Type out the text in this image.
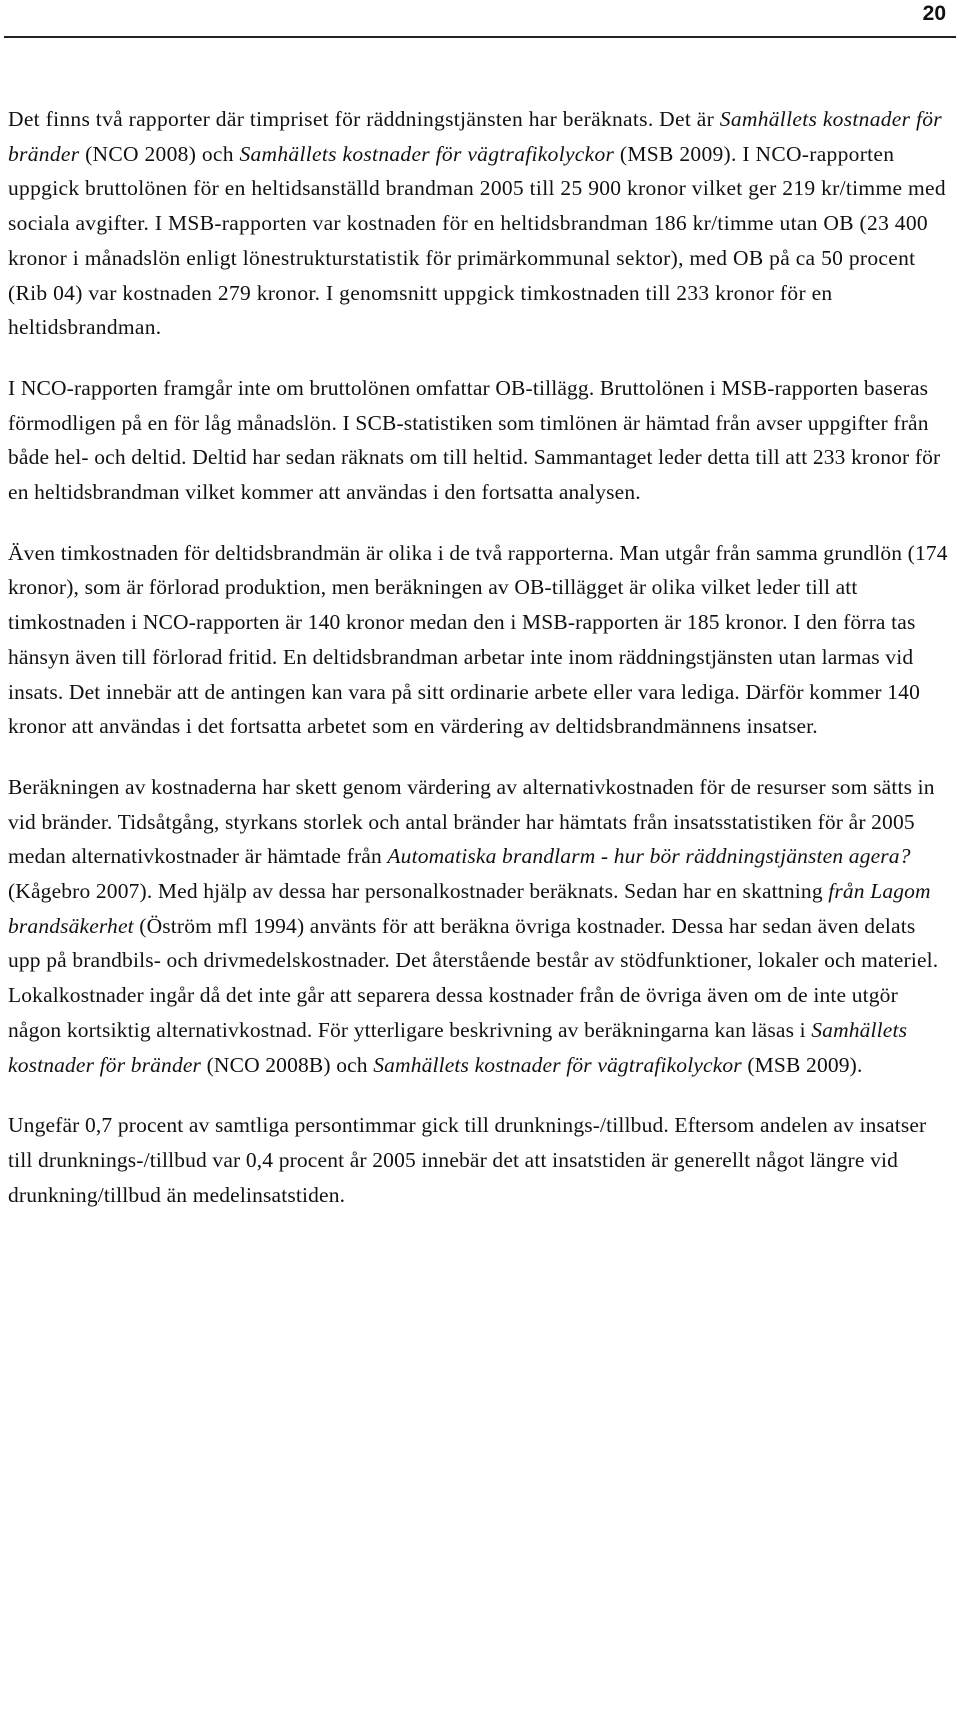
20

Det finns två rapporter där timpriset för räddningstjänsten har beräknats. Det är Samhällets kostnader för bränder (NCO 2008) och Samhällets kostnader för vägtrafikolyckor (MSB 2009). I NCO-rapporten uppgick bruttolönen för en heltidsanställd brandman 2005 till 25 900 kronor vilket ger 219 kr/timme med sociala avgifter. I MSB-rapporten var kostnaden för en heltidsbrandman 186 kr/timme utan OB (23 400 kronor i månadslön enligt lönestrukturstatistik för primärkommunal sektor), med OB på ca 50 procent (Rib 04) var kostnaden 279 kronor. I genomsnitt uppgick timkostnaden till 233 kronor för en heltidsbrandman.

I NCO-rapporten framgår inte om bruttolönen omfattar OB-tillägg. Bruttolönen i MSB-rapporten baseras förmodligen på en för låg månadslön. I SCB-statistiken som timlönen är hämtad från avser uppgifter från både hel- och deltid. Deltid har sedan räknats om till heltid. Sammantaget leder detta till att 233 kronor för en heltidsbrandman vilket kommer att användas i den fortsatta analysen.

Även timkostnaden för deltidsbrandmän är olika i de två rapporterna. Man utgår från samma grundlön (174 kronor), som är förlorad produktion, men beräkningen av OB-tillägget är olika vilket leder till att timkostnaden i NCO-rapporten är 140 kronor medan den i MSB-rapporten är 185 kronor. I den förra tas hänsyn även till förlorad fritid. En deltidsbrandman arbetar inte inom räddningstjänsten utan larmas vid insats. Det innebär att de antingen kan vara på sitt ordinarie arbete eller vara lediga. Därför kommer 140 kronor att användas i det fortsatta arbetet som en värdering av deltidsbrandmännens insatser.

Beräkningen av kostnaderna har skett genom värdering av alternativkostnaden för de resurser som sätts in vid bränder. Tidsåtgång, styrkans storlek och antal bränder har hämtats från insatsstatistiken för år 2005 medan alternativkostnader är hämtade från Automatiska brandlarm - hur bör räddningstjänsten agera? (Kågebro 2007). Med hjälp av dessa har personalkostnader beräknats. Sedan har en skattning från Lagom brandsäkerhet (Öström mfl 1994) använts för att beräkna övriga kostnader. Dessa har sedan även delats upp på brandbils- och drivmedelskostnader. Det återstående består av stödfunktioner, lokaler och materiel. Lokalkostnader ingår då det inte går att separera dessa kostnader från de övriga även om de inte utgör någon kortsiktig alternativkostnad. För ytterligare beskrivning av beräkningarna kan läsas i Samhällets kostnader för bränder (NCO 2008B) och Samhällets kostnader för vägtrafikolyckor (MSB 2009).

Ungefär 0,7 procent av samtliga persontimmar gick till drunknings-/tillbud. Eftersom andelen av insatser till drunknings-/tillbud var 0,4 procent år 2005 innebär det att insatstiden är generellt något längre vid drunkning/tillbud än medelinsatstiden.
